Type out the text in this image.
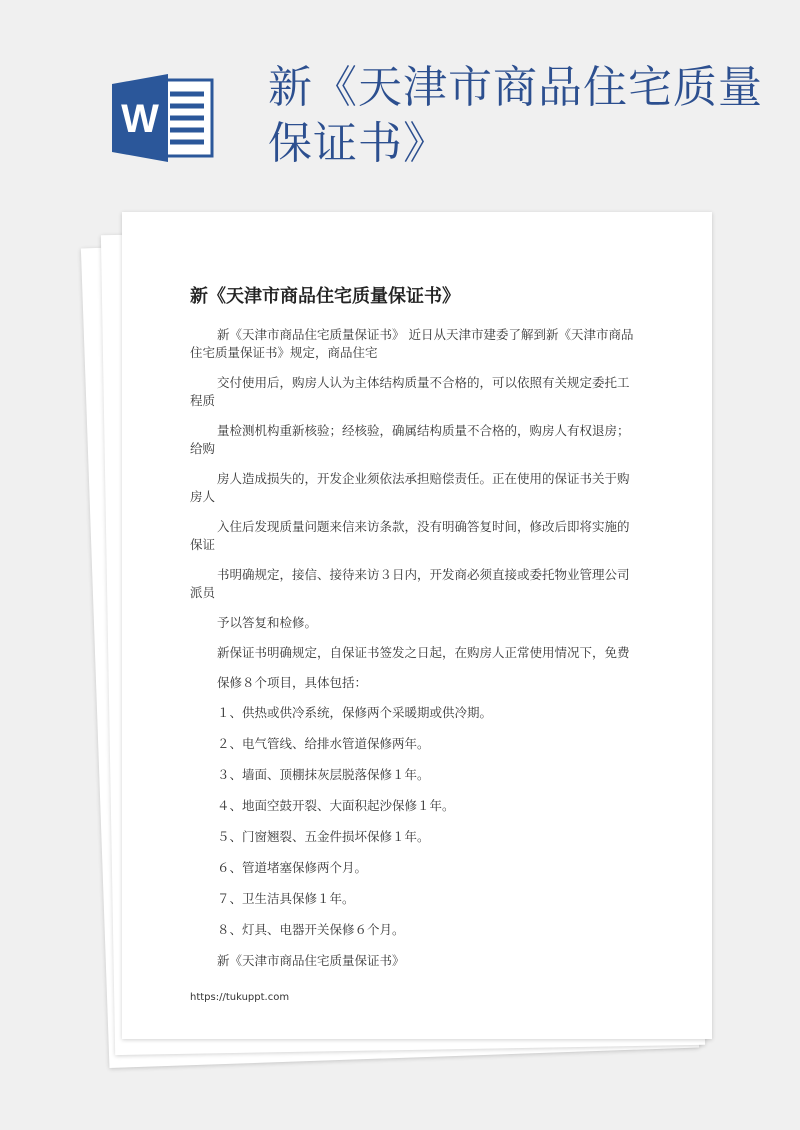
W
新《天津市商品住宅质量保证书》
新《天津市商品住宅质量保证书》

新《天津市商品住宅质量保证书》 近日从天津市建委了解到新《天津市商品住宅质量保证书》规定，商品住宅

交付使用后，购房人认为主体结构质量不合格的，可以依照有关规定委托工程质

量检测机构重新核验；经核验，确属结构质量不合格的，购房人有权退房；给购

房人造成损失的，开发企业须依法承担赔偿责任。正在使用的保证书关于购房人

入住后发现质量问题来信来访条款，没有明确答复时间，修改后即将实施的保证

书明确规定，接信、接待来访３日内，开发商必须直接或委托物业管理公司派员

予以答复和检修。

新保证书明确规定，自保证书签发之日起，在购房人正常使用情况下，免费

保修８个项目，具体包括：

１、供热或供冷系统，保修两个采暖期或供冷期。

２、电气管线、给排水管道保修两年。

３、墙面、顶棚抹灰层脱落保修１年。

４、地面空鼓开裂、大面积起沙保修１年。

５、门窗翘裂、五金件损坏保修１年。

６、管道堵塞保修两个月。

７、卫生洁具保修１年。

８、灯具、电器开关保修６个月。

新《天津市商品住宅质量保证书》

https://tukuppt.com
